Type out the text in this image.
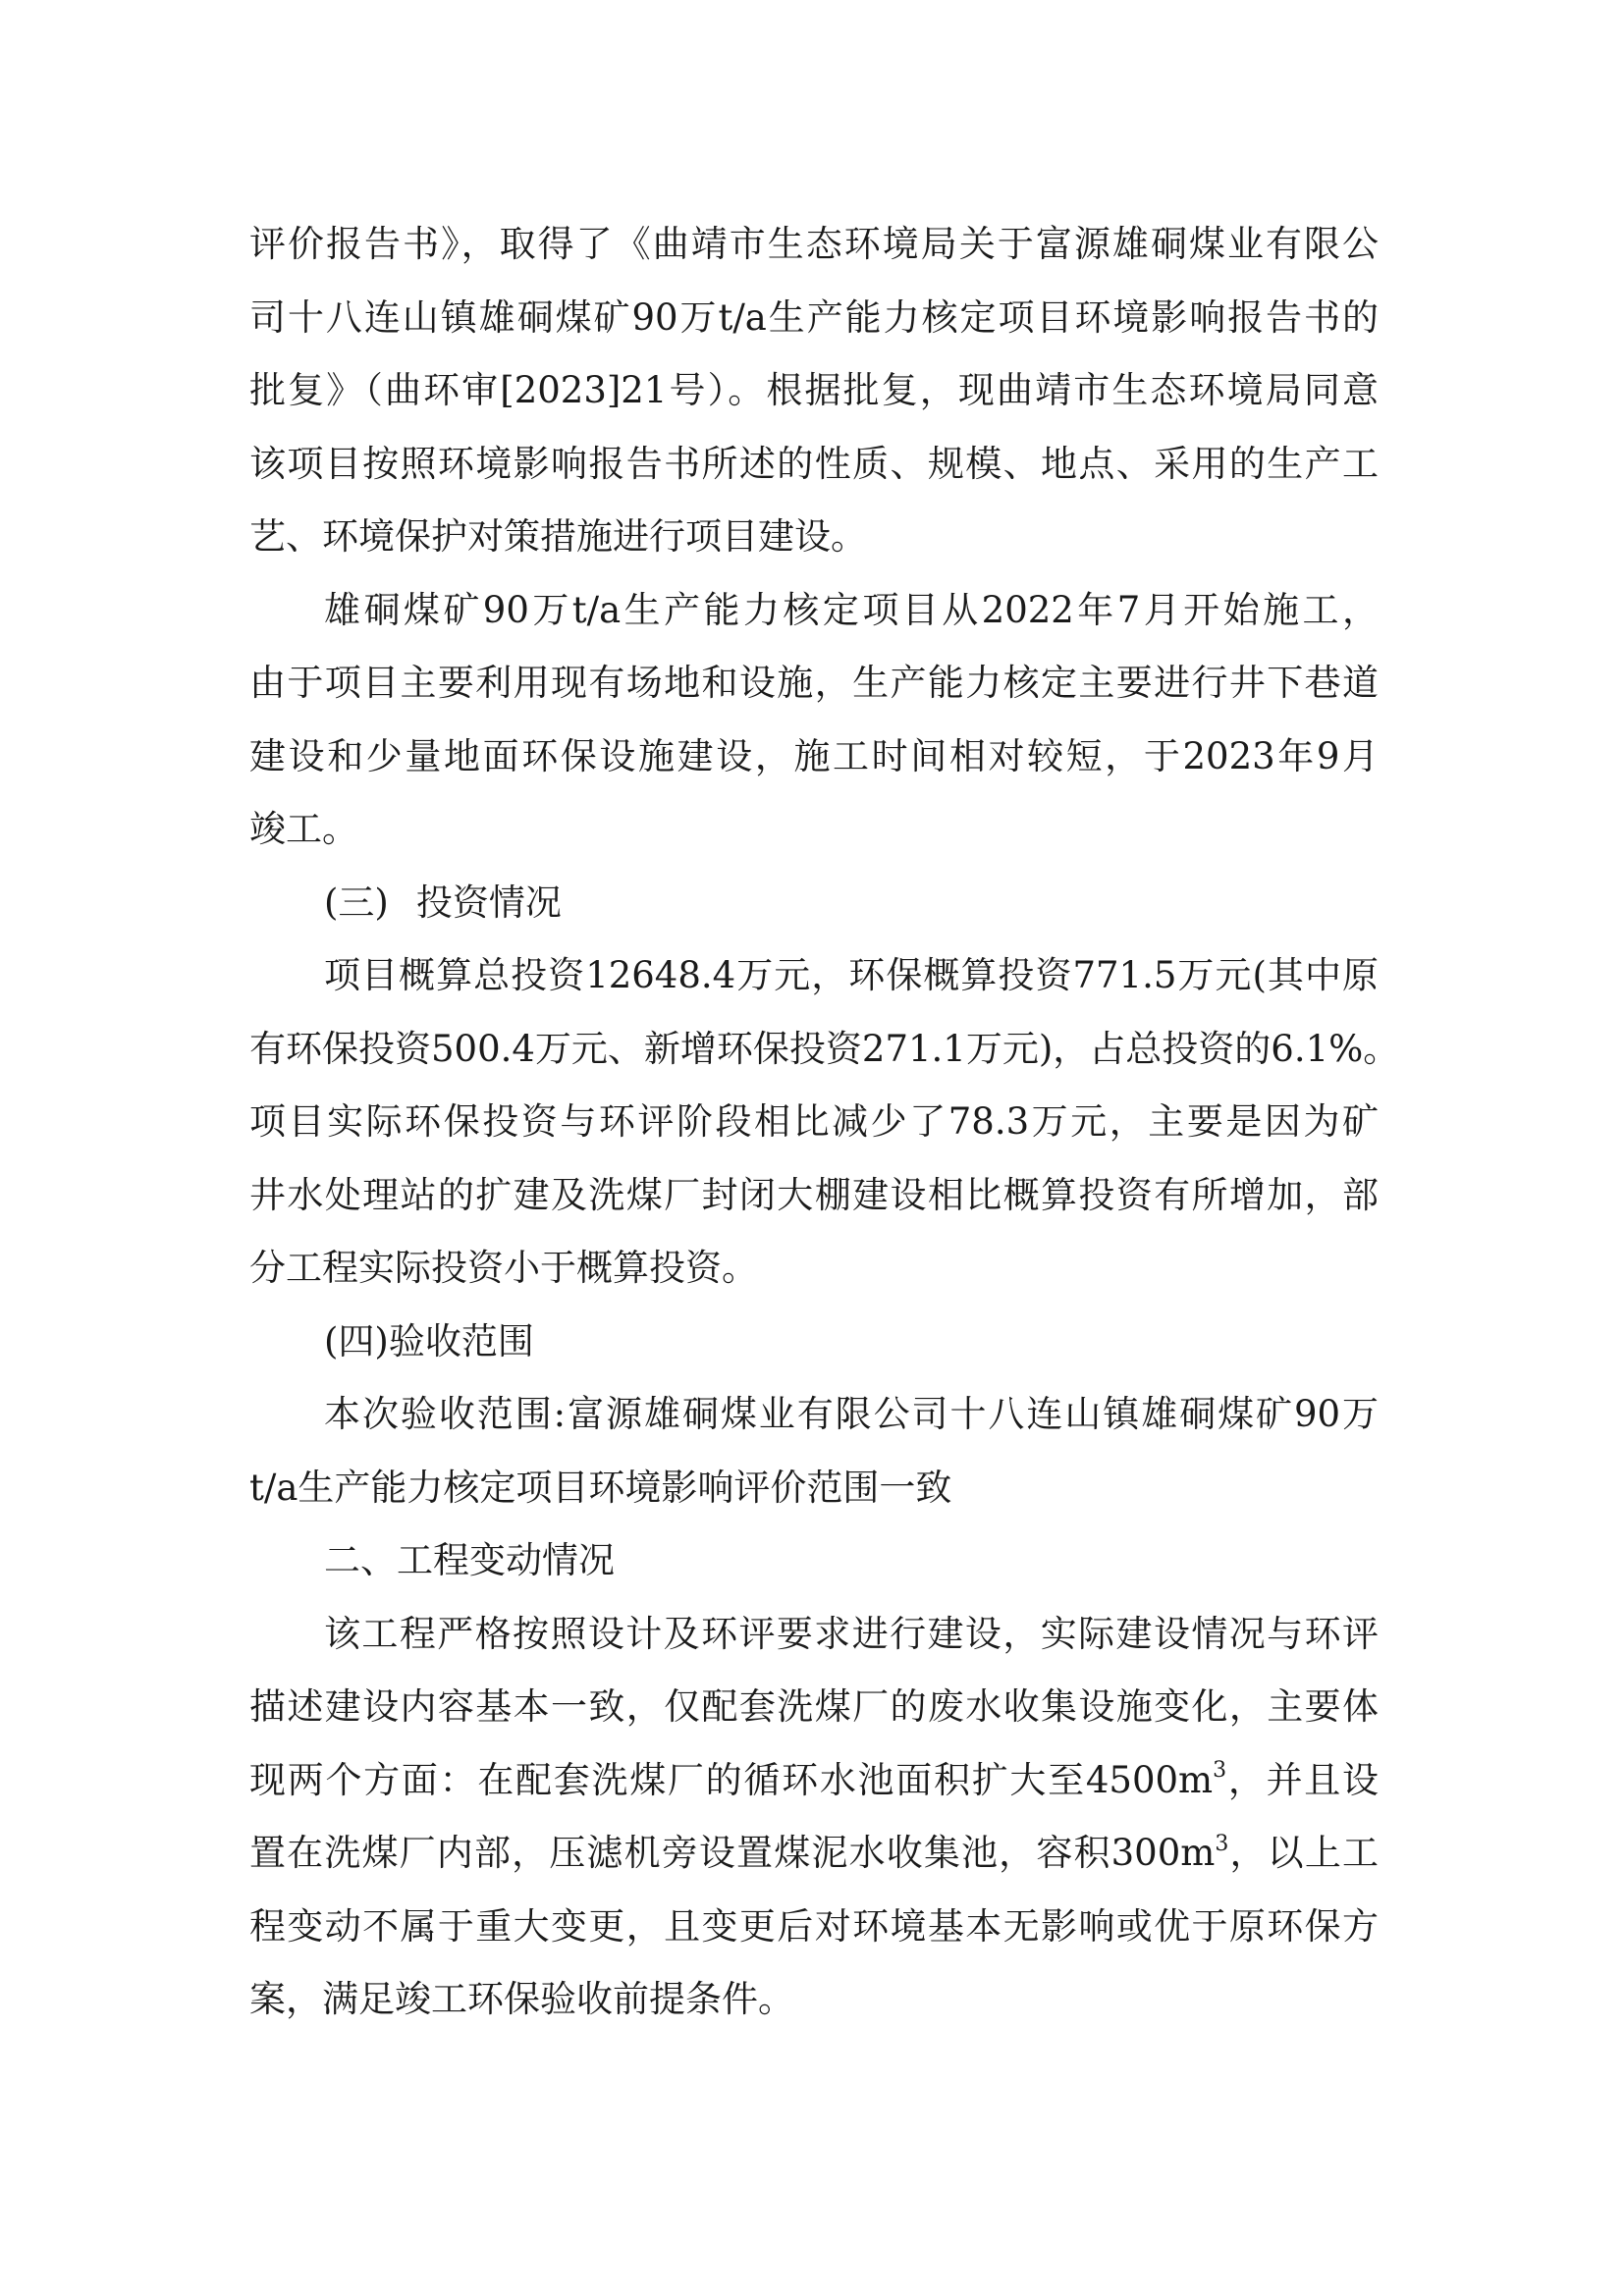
评价报告书》，取得了《曲靖市生态环境局关于富源雄硐煤业有限公
司十八连山镇雄硐煤矿90万t/a生产能力核定项目环境影响报告书的
批复》（曲环审[2023]21号）。根据批复，现曲靖市生态环境局同意
该项目按照环境影响报告书所述的性质、规模、地点、采用的生产工
艺、环境保护对策措施进行项目建设。
雄硐煤矿90万t/a生产能力核定项目从2022年7月开始施工，
由于项目主要利用现有场地和设施，生产能力核定主要进行井下巷道
建设和少量地面环保设施建设，施工时间相对较短，于2023年9月
竣工。
(三) 投资情况
项目概算总投资12648.4万元，环保概算投资771.5万元(其中原
有环保投资500.4万元、新增环保投资271.1万元)，占总投资的6.1%。
项目实际环保投资与环评阶段相比减少了78.3万元，主要是因为矿
井水处理站的扩建及洗煤厂封闭大棚建设相比概算投资有所增加，部
分工程实际投资小于概算投资。
(四)验收范围
本次验收范围:富源雄硐煤业有限公司十八连山镇雄硐煤矿90万
t/a生产能力核定项目环境影响评价范围一致
二、工程变动情况
该工程严格按照设计及环评要求进行建设，实际建设情况与环评
描述建设内容基本一致，仅配套洗煤厂的废水收集设施变化，主要体
现两个方面：在配套洗煤厂的循环水池面积扩大至$4500m^3$，并且设
置在洗煤厂内部，压滤机旁设置煤泥水收集池，容积$300m^3$，以上工
程变动不属于重大变更，且变更后对环境基本无影响或优于原环保方
案，满足竣工环保验收前提条件。
